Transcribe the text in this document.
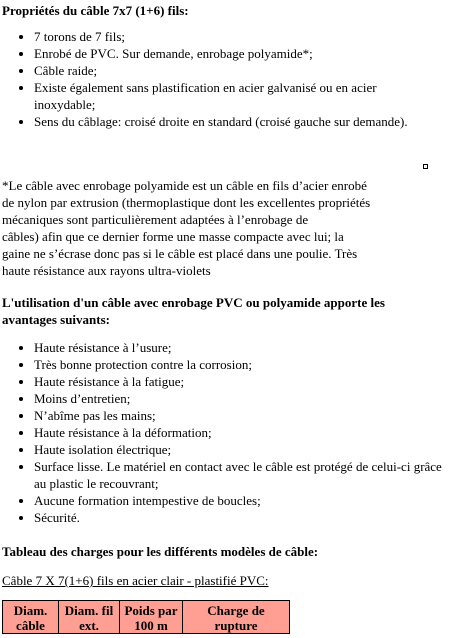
Propriétés du câble 7x7 (1+6) fils:
• 7 torons de 7 fils;
• Enrobé de PVC. Sur demande, enrobage polyamide*;
• Câble raide;
• Existe également sans plastification en acier galvanisé ou en acier inoxydable;
• Sens du câblage: croisé droite en standard (croisé gauche sur demande).
*Le câble avec enrobage polyamide est un câble en fils d’acier enrobé
de nylon par extrusion (thermoplastique dont les excellentes propriétés
mécaniques sont particulièrement adaptées à l’enrobage de
câbles) afin que ce dernier forme une masse compacte avec lui; la
gaine ne s’écrase donc pas si le câble est placé dans une poulie. Très
haute résistance aux rayons ultra-violets
L'utilisation d'un câble avec enrobage PVC ou polyamide apporte les avantages suivants:
• Haute résistance à l’usure;
• Très bonne protection contre la corrosion;
• Haute résistance à la fatigue;
• Moins d’entretien;
• N’abîme pas les mains;
• Haute résistance à la déformation;
• Haute isolation électrique;
• Surface lisse. Le matériel en contact avec le câble est protégé de celui-ci grâce au plastic le recouvrant;
• Aucune formation intempestive de boucles;
• Sécurité.
Tableau des charges pour les différents modèles de câble:
Câble 7 X 7(1+6) fils en acier clair - plastifié PVC:
Diam. câble	Diam. fil ext.	Poids par 100 m	Charge de rupture
